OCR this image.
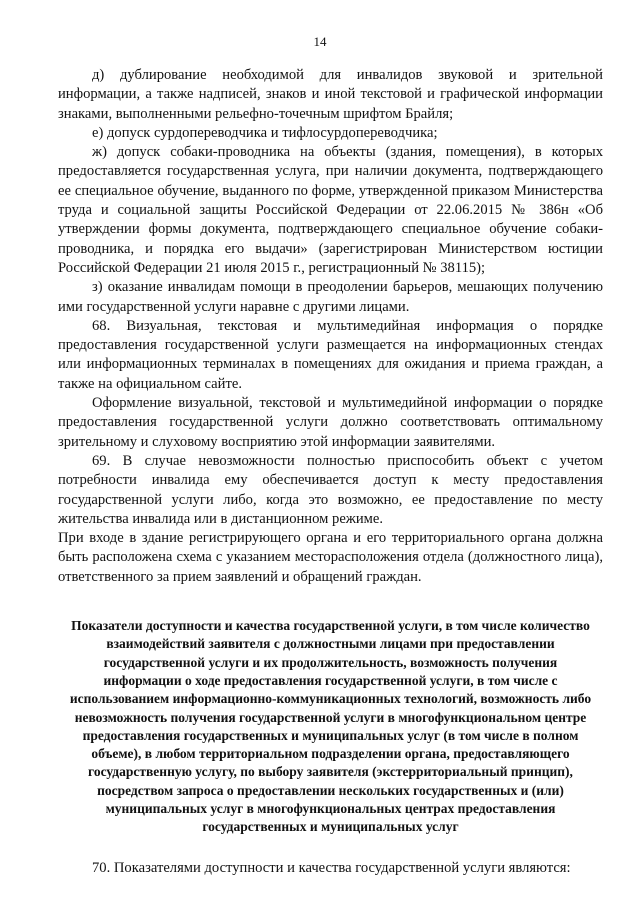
14

д) дублирование необходимой для инвалидов звуковой и зрительной информации, а также надписей, знаков и иной текстовой и графической информации знаками, выполненными рельефно-точечным шрифтом Брайля;

е) допуск сурдопереводчика и тифлосурдопереводчика;

ж) допуск собаки-проводника на объекты (здания, помещения), в которых предоставляется государственная услуга, при наличии документа, подтверждающего ее специальное обучение, выданного по форме, утвержденной приказом Министерства труда и социальной защиты Российской Федерации от 22.06.2015 № 386н «Об утверждении формы документа, подтверждающего специальное обучение собаки-проводника, и порядка его выдачи» (зарегистрирован Министерством юстиции Российской Федерации 21 июля 2015 г., регистрационный № 38115);

з) оказание инвалидам помощи в преодолении барьеров, мешающих получению ими государственной услуги наравне с другими лицами.

68. Визуальная, текстовая и мультимедийная информация о порядке предоставления государственной услуги размещается на информационных стендах или информационных терминалах в помещениях для ожидания и приема граждан, а также на официальном сайте.

Оформление визуальной, текстовой и мультимедийной информации о порядке предоставления государственной услуги должно соответствовать оптимальному зрительному и слуховому восприятию этой информации заявителями.

69. В случае невозможности полностью приспособить объект с учетом потребности инвалида ему обеспечивается доступ к месту предоставления государственной услуги либо, когда это возможно, ее предоставление по месту жительства инвалида или в дистанционном режиме.

При входе в здание регистрирующего органа и его территориального органа должна быть расположена схема с указанием месторасположения отдела (должностного лица), ответственного за прием заявлений и обращений граждан.

Показатели доступности и качества государственной услуги, в том числе количество взаимодействий заявителя с должностными лицами при предоставлении государственной услуги и их продолжительность, возможность получения информации о ходе предоставления государственной услуги, в том числе с использованием информационно-коммуникационных технологий, возможность либо невозможность получения государственной услуги в многофункциональном центре предоставления государственных и муниципальных услуг (в том числе в полном объеме), в любом территориальном подразделении органа, предоставляющего государственную услугу, по выбору заявителя (экстерриториальный принцип), посредством запроса о предоставлении нескольких государственных и (или) муниципальных услуг в многофункциональных центрах предоставления государственных и муниципальных услуг

70. Показателями доступности и качества государственной услуги являются:
